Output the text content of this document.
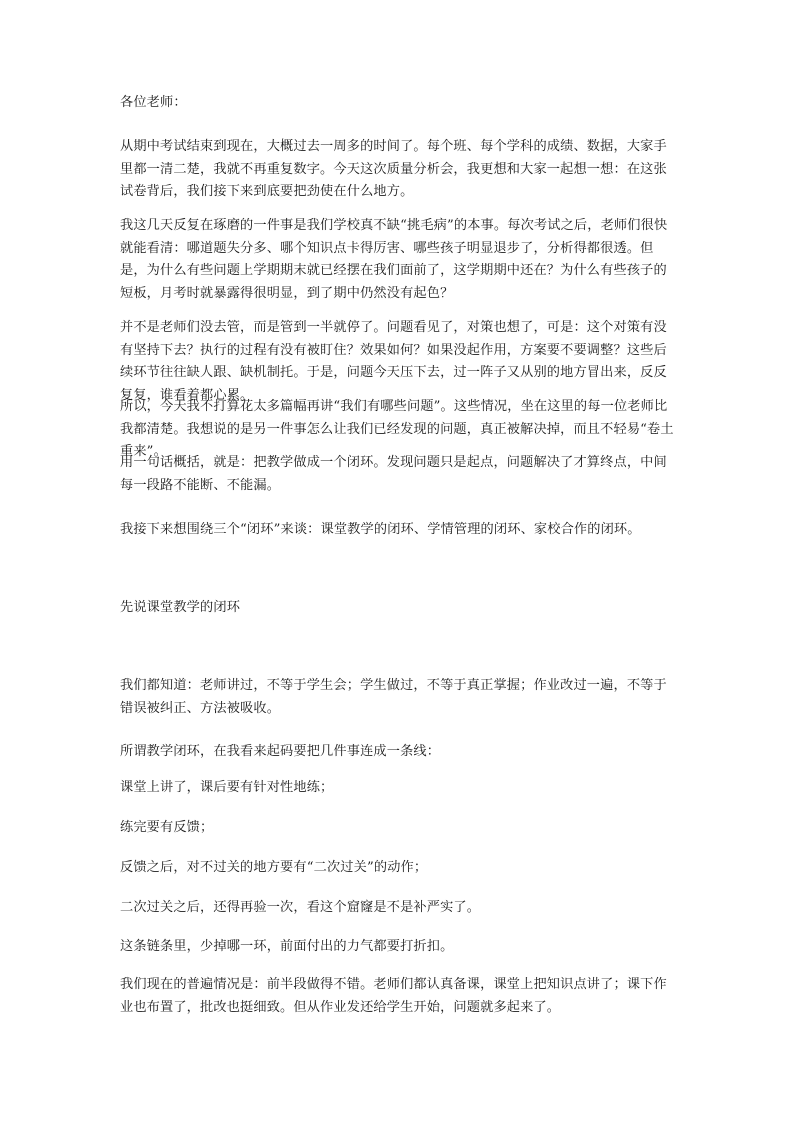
各位老师：

从期中考试结束到现在，大概过去一周多的时间了。每个班、每个学科的成绩、数据，大家手里都一清二楚，我就不再重复数字。今天这次质量分析会，我更想和大家一起想一想：在这张试卷背后，我们接下来到底要把劲使在什么地方。

我这几天反复在琢磨的一件事是我们学校真不缺“挑毛病”的本事。每次考试之后，老师们很快就能看清：哪道题失分多、哪个知识点卡得厉害、哪些孩子明显退步了，分析得都很透。但是，为什么有些问题上学期期末就已经摆在我们面前了，这学期期中还在？为什么有些孩子的短板，月考时就暴露得很明显，到了期中仍然没有起色？

并不是老师们没去管，而是管到一半就停了。问题看见了，对策也想了，可是：这个对策有没有坚持下去？执行的过程有没有被盯住？效果如何？如果没起作用，方案要不要调整？这些后续环节往往缺人跟、缺机制托。于是，问题今天压下去，过一阵子又从别的地方冒出来，反反复复，谁看着都心累。

所以，今天我不打算花太多篇幅再讲“我们有哪些问题”。这些情况，坐在这里的每一位老师比我都清楚。我想说的是另一件事怎么让我们已经发现的问题，真正被解决掉，而且不轻易“卷土重来”。

用一句话概括，就是：把教学做成一个闭环。发现问题只是起点，问题解决了才算终点，中间每一段路不能断、不能漏。

我接下来想围绕三个“闭环”来谈：课堂教学的闭环、学情管理的闭环、家校合作的闭环。

先说课堂教学的闭环

我们都知道：老师讲过，不等于学生会；学生做过，不等于真正掌握；作业改过一遍，不等于错误被纠正、方法被吸收。

所谓教学闭环，在我看来起码要把几件事连成一条线：

课堂上讲了，课后要有针对性地练；

练完要有反馈；

反馈之后，对不过关的地方要有“二次过关”的动作；

二次过关之后，还得再验一次，看这个窟窿是不是补严实了。

这条链条里，少掉哪一环，前面付出的力气都要打折扣。

我们现在的普遍情况是：前半段做得不错。老师们都认真备课，课堂上把知识点讲了；课下作业也布置了，批改也挺细致。但从作业发还给学生开始，问题就多起来了。
